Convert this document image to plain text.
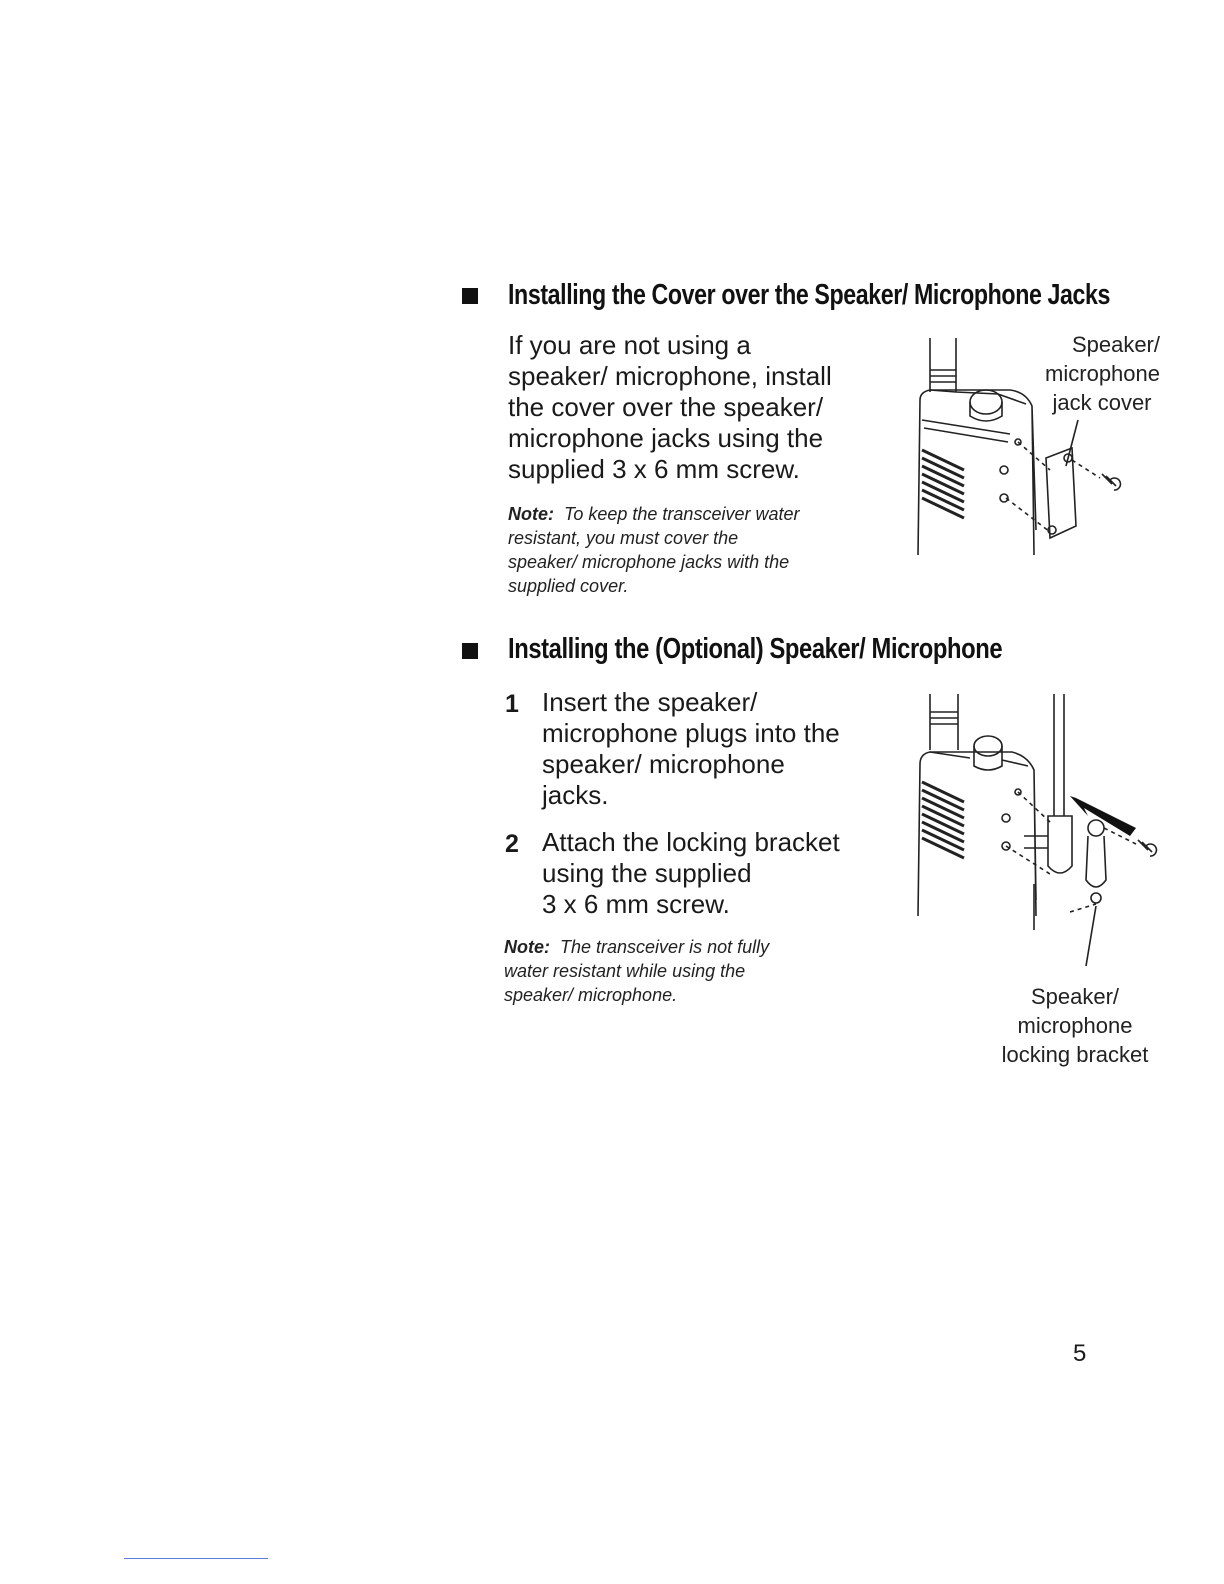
Installing the Cover over the Speaker/ Microphone Jacks
If you are not using a
speaker/ microphone, install
the cover over the speaker/
microphone jacks using the
supplied 3 x 6 mm screw.
Note: To keep the transceiver water
resistant, you must cover the
speaker/ microphone jacks with the
supplied cover.
Speaker/
microphone
jack cover
Installing the (Optional) Speaker/ Microphone
1 Insert the speaker/
microphone plugs into the
speaker/ microphone
jacks.
2 Attach the locking bracket
using the supplied
3 x 6 mm screw.
Note: The transceiver is not fully
water resistant while using the
speaker/ microphone.	Speaker/
microphone
locking bracket
5
